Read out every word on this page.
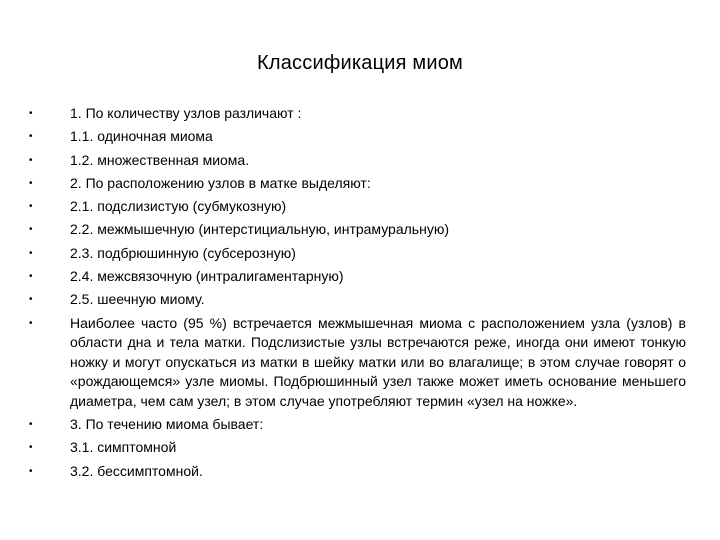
Классификация миом
•	1. По количеству узлов различают :
•	1.1. одиночная миома
•	1.2. множественная миома.
•	2. По расположению узлов в матке выделяют:
•	2.1. подслизистую (субмукозную)
•	2.2. межмышечную (интерстициальную, интрамуральную)
•	2.3. подбрюшинную (субсерозную)
•	2.4. межсвязочную (интралигаментарную)
•	2.5. шеечную миому.
•	Наиболее часто (95 %) встречается межмышечная миома с расположением узла (узлов) в области дна и тела матки. Подслизистые узлы встречаются реже, иногда они имеют тонкую ножку и могут опускаться из матки в шейку матки или во влагалище; в этом случае говорят о «рождающемся» узле миомы. Подбрюшинный узел также может иметь основание меньшего диаметра, чем сам узел; в этом случае употребляют термин «узел на ножке».
•	3. По течению миома бывает:
•	3.1. симптомной
•	3.2. бессимптомной.
